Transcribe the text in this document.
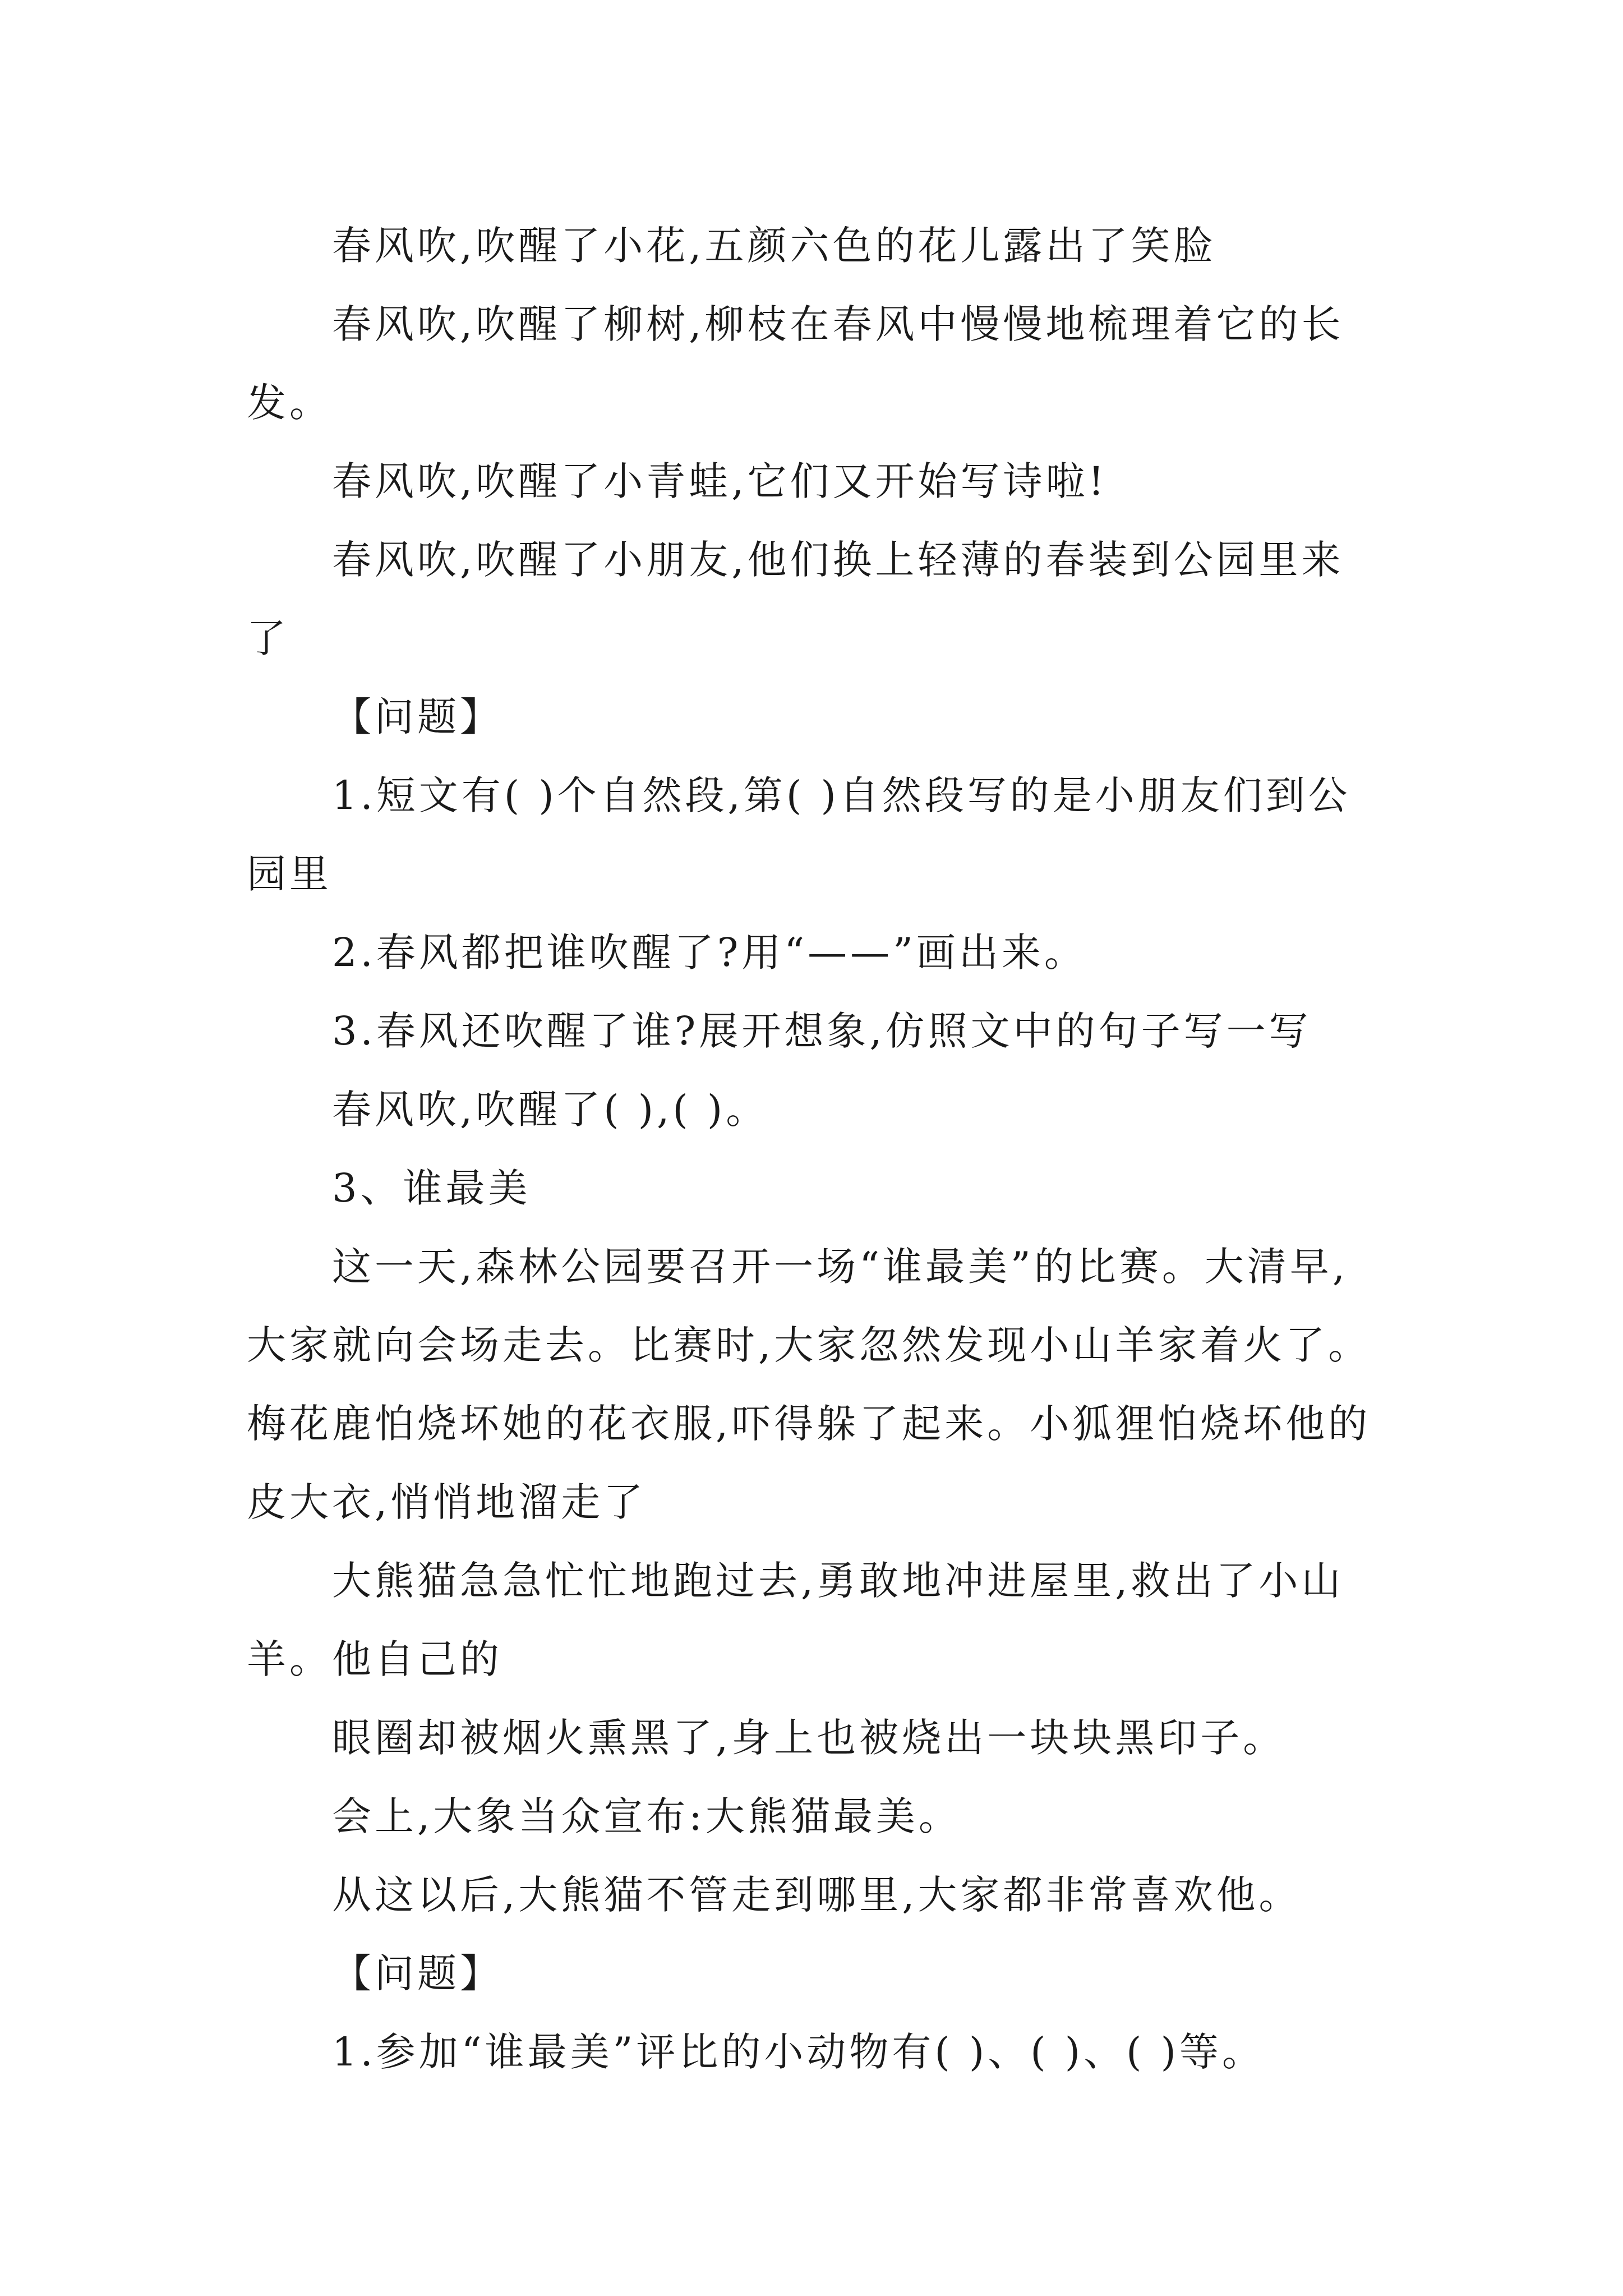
春风吹,吹醒了小花,五颜六色的花儿露出了笑脸

春风吹,吹醒了柳树,柳枝在春风中慢慢地梳理着它的长发。

春风吹,吹醒了小青蛙,它们又开始写诗啦!

春风吹,吹醒了小朋友,他们换上轻薄的春装到公园里来了

【问题】

1.短文有( )个自然段,第( )自然段写的是小朋友们到公园里

2.春风都把谁吹醒了?用“——”画出来。

3.春风还吹醒了谁?展开想象,仿照文中的句子写一写

春风吹,吹醒了( ),( )。

3、谁最美

这一天,森林公园要召开一场“谁最美”的比赛。大清早,大家就向会场走去。比赛时,大家忽然发现小山羊家着火了。梅花鹿怕烧坏她的花衣服,吓得躲了起来。小狐狸怕烧坏他的皮大衣,悄悄地溜走了

大熊猫急急忙忙地跑过去,勇敢地冲进屋里,救出了小山羊。他自己的

眼圈却被烟火熏黑了,身上也被烧出一块块黑印子。

会上,大象当众宣布:大熊猫最美。

从这以后,大熊猫不管走到哪里,大家都非常喜欢他。

【问题】

1.参加“谁最美”评比的小动物有( )、( )、( )等。
